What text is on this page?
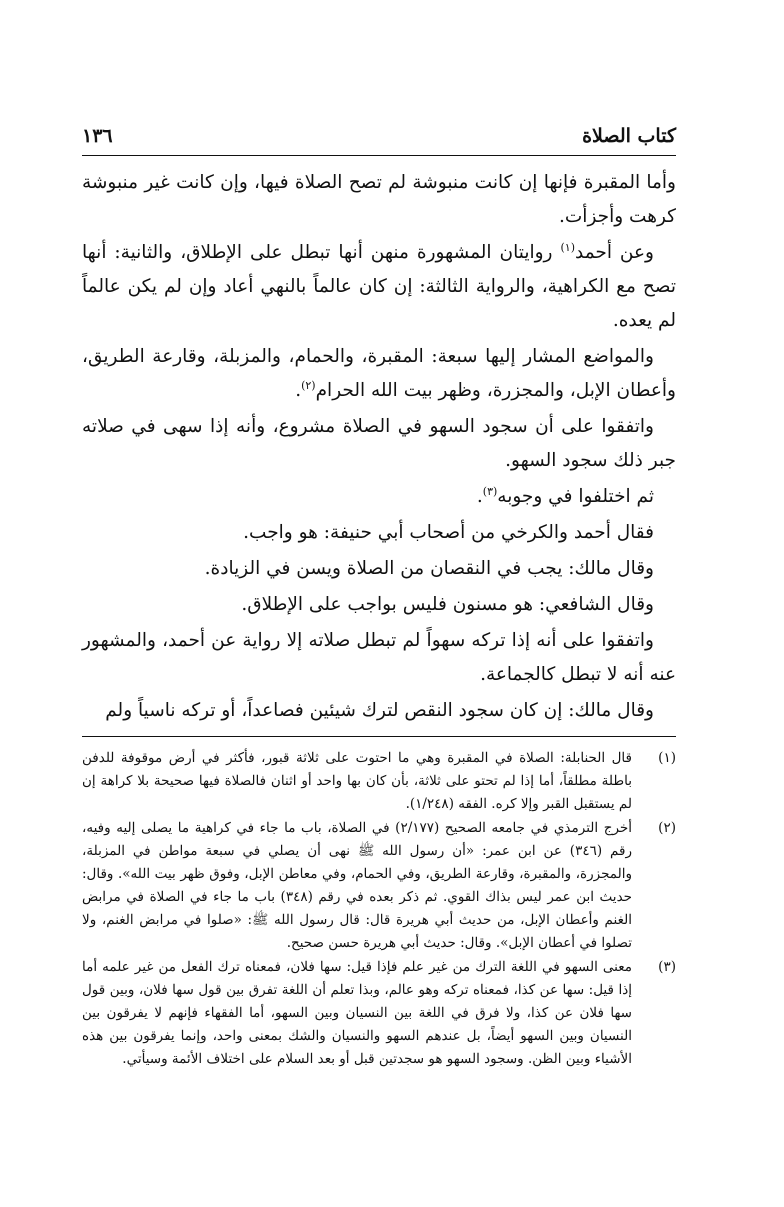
كتاب الصلاة
١٣٦

وأما المقبرة فإنها إن كانت منبوشة لم تصح الصلاة فيها، وإن كانت غير منبوشة كرهت وأجزأت.

وعن أحمد$^{(١)}$ روايتان المشهورة منهن أنها تبطل على الإطلاق، والثانية: أنها تصح مع الكراهية، والرواية الثالثة: إن كان عالماً بالنهي أعاد وإن لم يكن عالماً لم يعده.

والمواضع المشار إليها سبعة: المقبرة، والحمام، والمزبلة، وقارعة الطريق، وأعطان الإبل، والمجزرة، وظهر بيت الله الحرام$^{(٢)}$.

واتفقوا على أن سجود السهو في الصلاة مشروع، وأنه إذا سهى في صلاته جبر ذلك سجود السهو.

ثم اختلفوا في وجوبه$^{(٣)}$.

فقال أحمد والكرخي من أصحاب أبي حنيفة: هو واجب.

وقال مالك: يجب في النقصان من الصلاة ويسن في الزيادة.

وقال الشافعي: هو مسنون فليس بواجب على الإطلاق.

واتفقوا على أنه إذا تركه سهواً لم تبطل صلاته إلا رواية عن أحمد، والمشهور عنه أنه لا تبطل كالجماعة.

وقال مالك: إن كان سجود النقص لترك شيئين فصاعداً، أو تركه ناسياً ولم

(١)
قال الحنابلة: الصلاة في المقبرة وهي ما احتوت على ثلاثة قبور، فأكثر في أرض موقوفة للدفن باطلة مطلقاً، أما إذا لم تحتو على ثلاثة، بأن كان بها واحد أو اثنان فالصلاة فيها صحيحة بلا كراهة إن لم يستقبل القبر وإلا كره. الفقه (١/٢٤٨).
(٢)
أخرج الترمذي في جامعه الصحيح (٢/١٧٧) في الصلاة، باب ما جاء في كراهية ما يصلى إليه وفيه، رقم (٣٤٦) عن ابن عمر: «أن رسول الله ﷺ نهى أن يصلي في سبعة مواطن في المزبلة، والمجزرة، والمقبرة، وقارعة الطريق، وفي الحمام، وفي معاطن الإبل، وفوق ظهر بيت الله». وقال: حديث ابن عمر ليس بذاك القوي. ثم ذكر بعده في رقم (٣٤٨) باب ما جاء في الصلاة في مرابض الغنم وأعطان الإبل، من حديث أبي هريرة قال: قال رسول الله ﷺ: «صلوا في مرابض الغنم، ولا تصلوا في أعطان الإبل». وقال: حديث أبي هريرة حسن صحيح.
(٣)
معنى السهو في اللغة الترك من غير علم فإذا قيل: سها فلان، فمعناه ترك الفعل من غير علمه أما إذا قيل: سها عن كذا، فمعناه تركه وهو عالم، وبذا تعلم أن اللغة تفرق بين قول سها فلان، وبين قول سها فلان عن كذا، ولا فرق في اللغة بين النسيان وبين السهو، أما الفقهاء فإنهم لا يفرقون بين النسيان وبين السهو أيضاً، بل عندهم السهو والنسيان والشك بمعنى واحد، وإنما يفرقون بين هذه الأشياء وبين الظن. وسجود السهو هو سجدتين قبل أو بعد السلام على اختلاف الأئمة وسيأتي.
